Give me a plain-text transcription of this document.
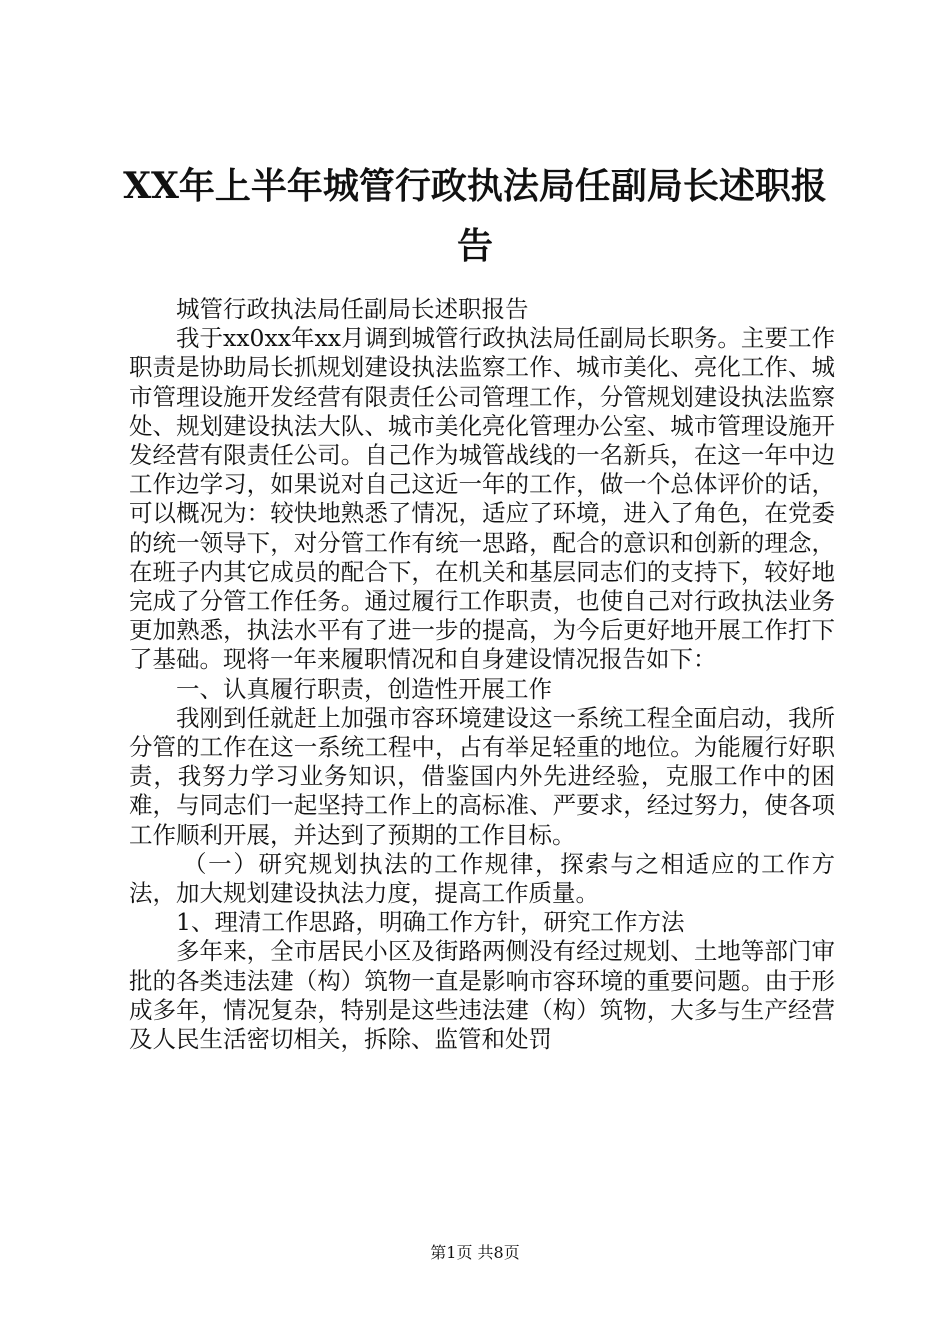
XX年上半年城管行政执法局任副局长述职报告

城管行政执法局任副局长述职报告

我于xx0xx年xx月调到城管行政执法局任副局长职务。主要工作职责是协助局长抓规划建设执法监察工作、城市美化、亮化工作、城市管理设施开发经营有限责任公司管理工作，分管规划建设执法监察处、规划建设执法大队、城市美化亮化管理办公室、城市管理设施开发经营有限责任公司。自己作为城管战线的一名新兵，在这一年中边工作边学习，如果说对自己这近一年的工作，做一个总体评价的话，可以概况为：较快地熟悉了情况，适应了环境，进入了角色，在党委的统一领导下，对分管工作有统一思路，配合的意识和创新的理念，在班子内其它成员的配合下，在机关和基层同志们的支持下，较好地完成了分管工作任务。通过履行工作职责，也使自己对行政执法业务更加熟悉，执法水平有了进一步的提高，为今后更好地开展工作打下了基础。现将一年来履职情况和自身建设情况报告如下：

一、认真履行职责，创造性开展工作

我刚到任就赶上加强市容环境建设这一系统工程全面启动，我所分管的工作在这一系统工程中，占有举足轻重的地位。为能履行好职责，我努力学习业务知识，借鉴国内外先进经验，克服工作中的困难，与同志们一起坚持工作上的高标准、严要求，经过努力，使各项工作顺利开展，并达到了预期的工作目标。

（一）研究规划执法的工作规律，探索与之相适应的工作方法，加大规划建设执法力度，提高工作质量。

1、理清工作思路，明确工作方针，研究工作方法

多年来，全市居民小区及街路两侧没有经过规划、土地等部门审批的各类违法建（构）筑物一直是影响市容环境的重要问题。由于形成多年，情况复杂，特别是这些违法建（构）筑物，大多与生产经营及人民生活密切相关，拆除、监管和处罚

第1页 共8页
